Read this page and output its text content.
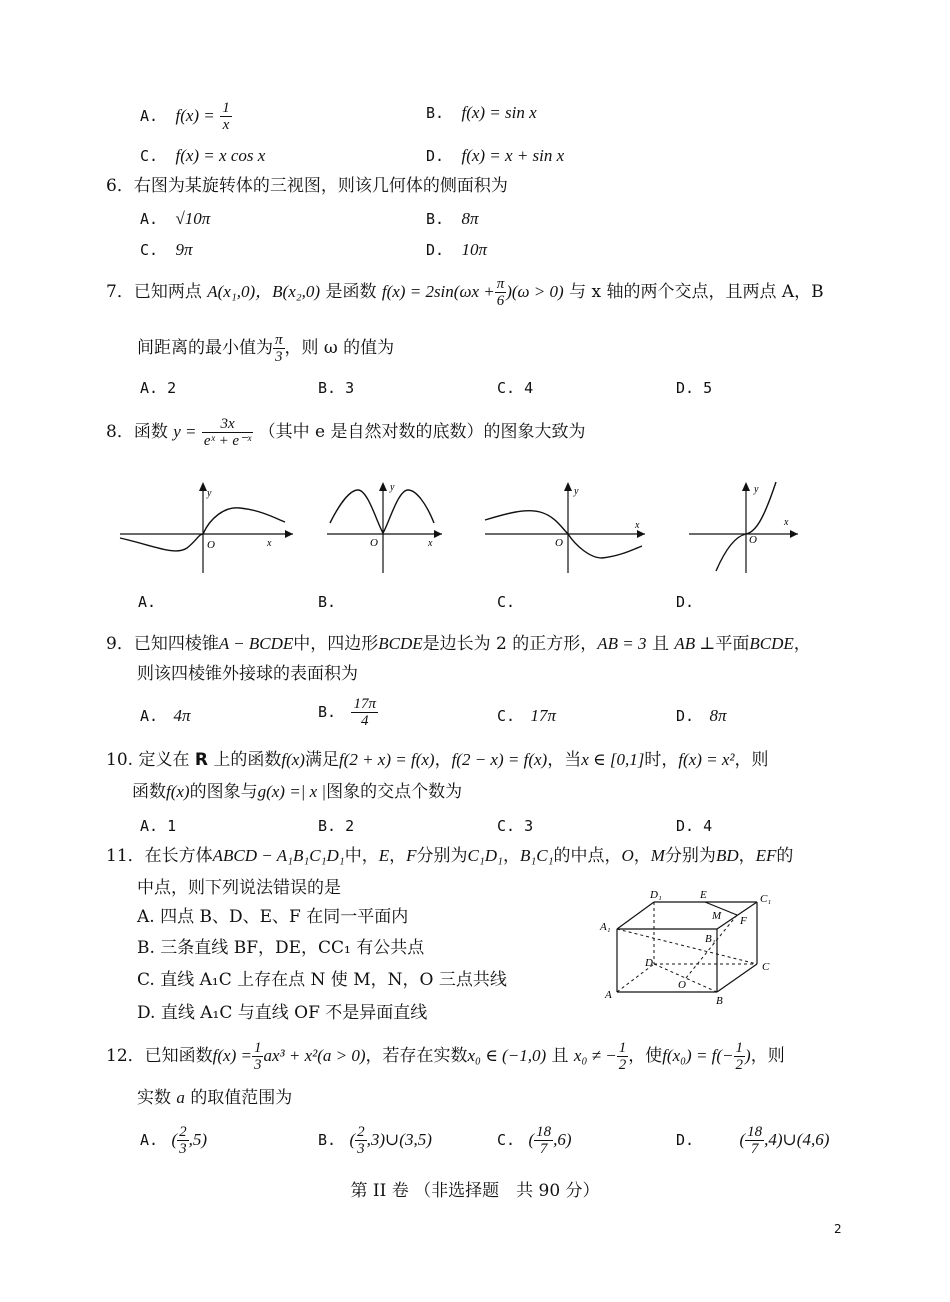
A. $f(x) = \frac{1}{x}$	B. f(x) = sin x
C. f(x) = x cos x	D. f(x) = x + sin x
6．右图为某旋转体的三视图，则该几何体的侧面积为
A. √10π	B. 8π
C. 9π	D. 10π
7．已知两点 A(x₁,0)，B(x₂,0) 是函数 $f(x) = 2\sin(\omega x + \frac{\pi}{6} )(\omega > 0)$ 与 x 轴的两个交点，且两点 A，B
间距离的最小值为 $\frac{\pi}{3}$ ，则 ω 的值为
A. 2	B. 3	C. 4	D. 5
8．函数 $y = \frac{3x}{\text{eˣ + e⁻ˣ}}$ （其中 e 是自然对数的底数）的图象大致为
y
x
O
y
x
O
y
x
O
y
x
O
A.	B.	C.	D.
9．已知四棱锥A − BCDE中，四边形BCDE是边长为 2 的正方形，AB = 3 且 AB ⊥平面BCDE，
则该四棱锥外接球的表面积为
A. 4π	B. $\frac{17\pi}{4}$	C. 17π	D. 8π
10. 定义在 R 上的函数f(x)满足f(2 + x) = f(x)，f(2 − x) = f(x)，当x ∈ [0,1]时，f(x) = x²，则
函数f(x)的图象与g(x) =| x |图象的交点个数为
A. 1	B. 2	C. 3	D. 4
11．在长方体ABCD − A₁B₁C₁D₁中，E，F分别为C₁D₁，B₁C₁的中点，O，M分别为BD，EF的
中点，则下列说法错误的是
A. 四点 B、D、E、F 在同一平面内
B. 三条直线 BF，DE，CC₁ 有公共点
C. 直线 A₁C 上存在点 N 使 M，N，O 三点共线
D. 直线 A₁C 与直线 OF 不是异面直线
A₁
D₁	E	C₁
M F
B₁
D	C
O
A	B
12．已知函数$f(x) = \frac{1}{3} ax^3 + x^2(a > 0)$，若存在实数x₀ ∈ (−1,0) 且 x₀ ≠ − $\frac{1}{2}$ ，使$f(x_0) = f(- \frac{1}{2}$ )，则
实数 a 的取值范围为
A. ( $\frac{2}{3} ,5$)	B. ( $\frac{2}{3}$ ,3)∪(3,5)	C. ( $\frac{18}{7} ,6$)	D.	( $\frac{18}{7}$ ,4)∪(4,6)
第 II 卷 （非选择题　共 90 分）
2
